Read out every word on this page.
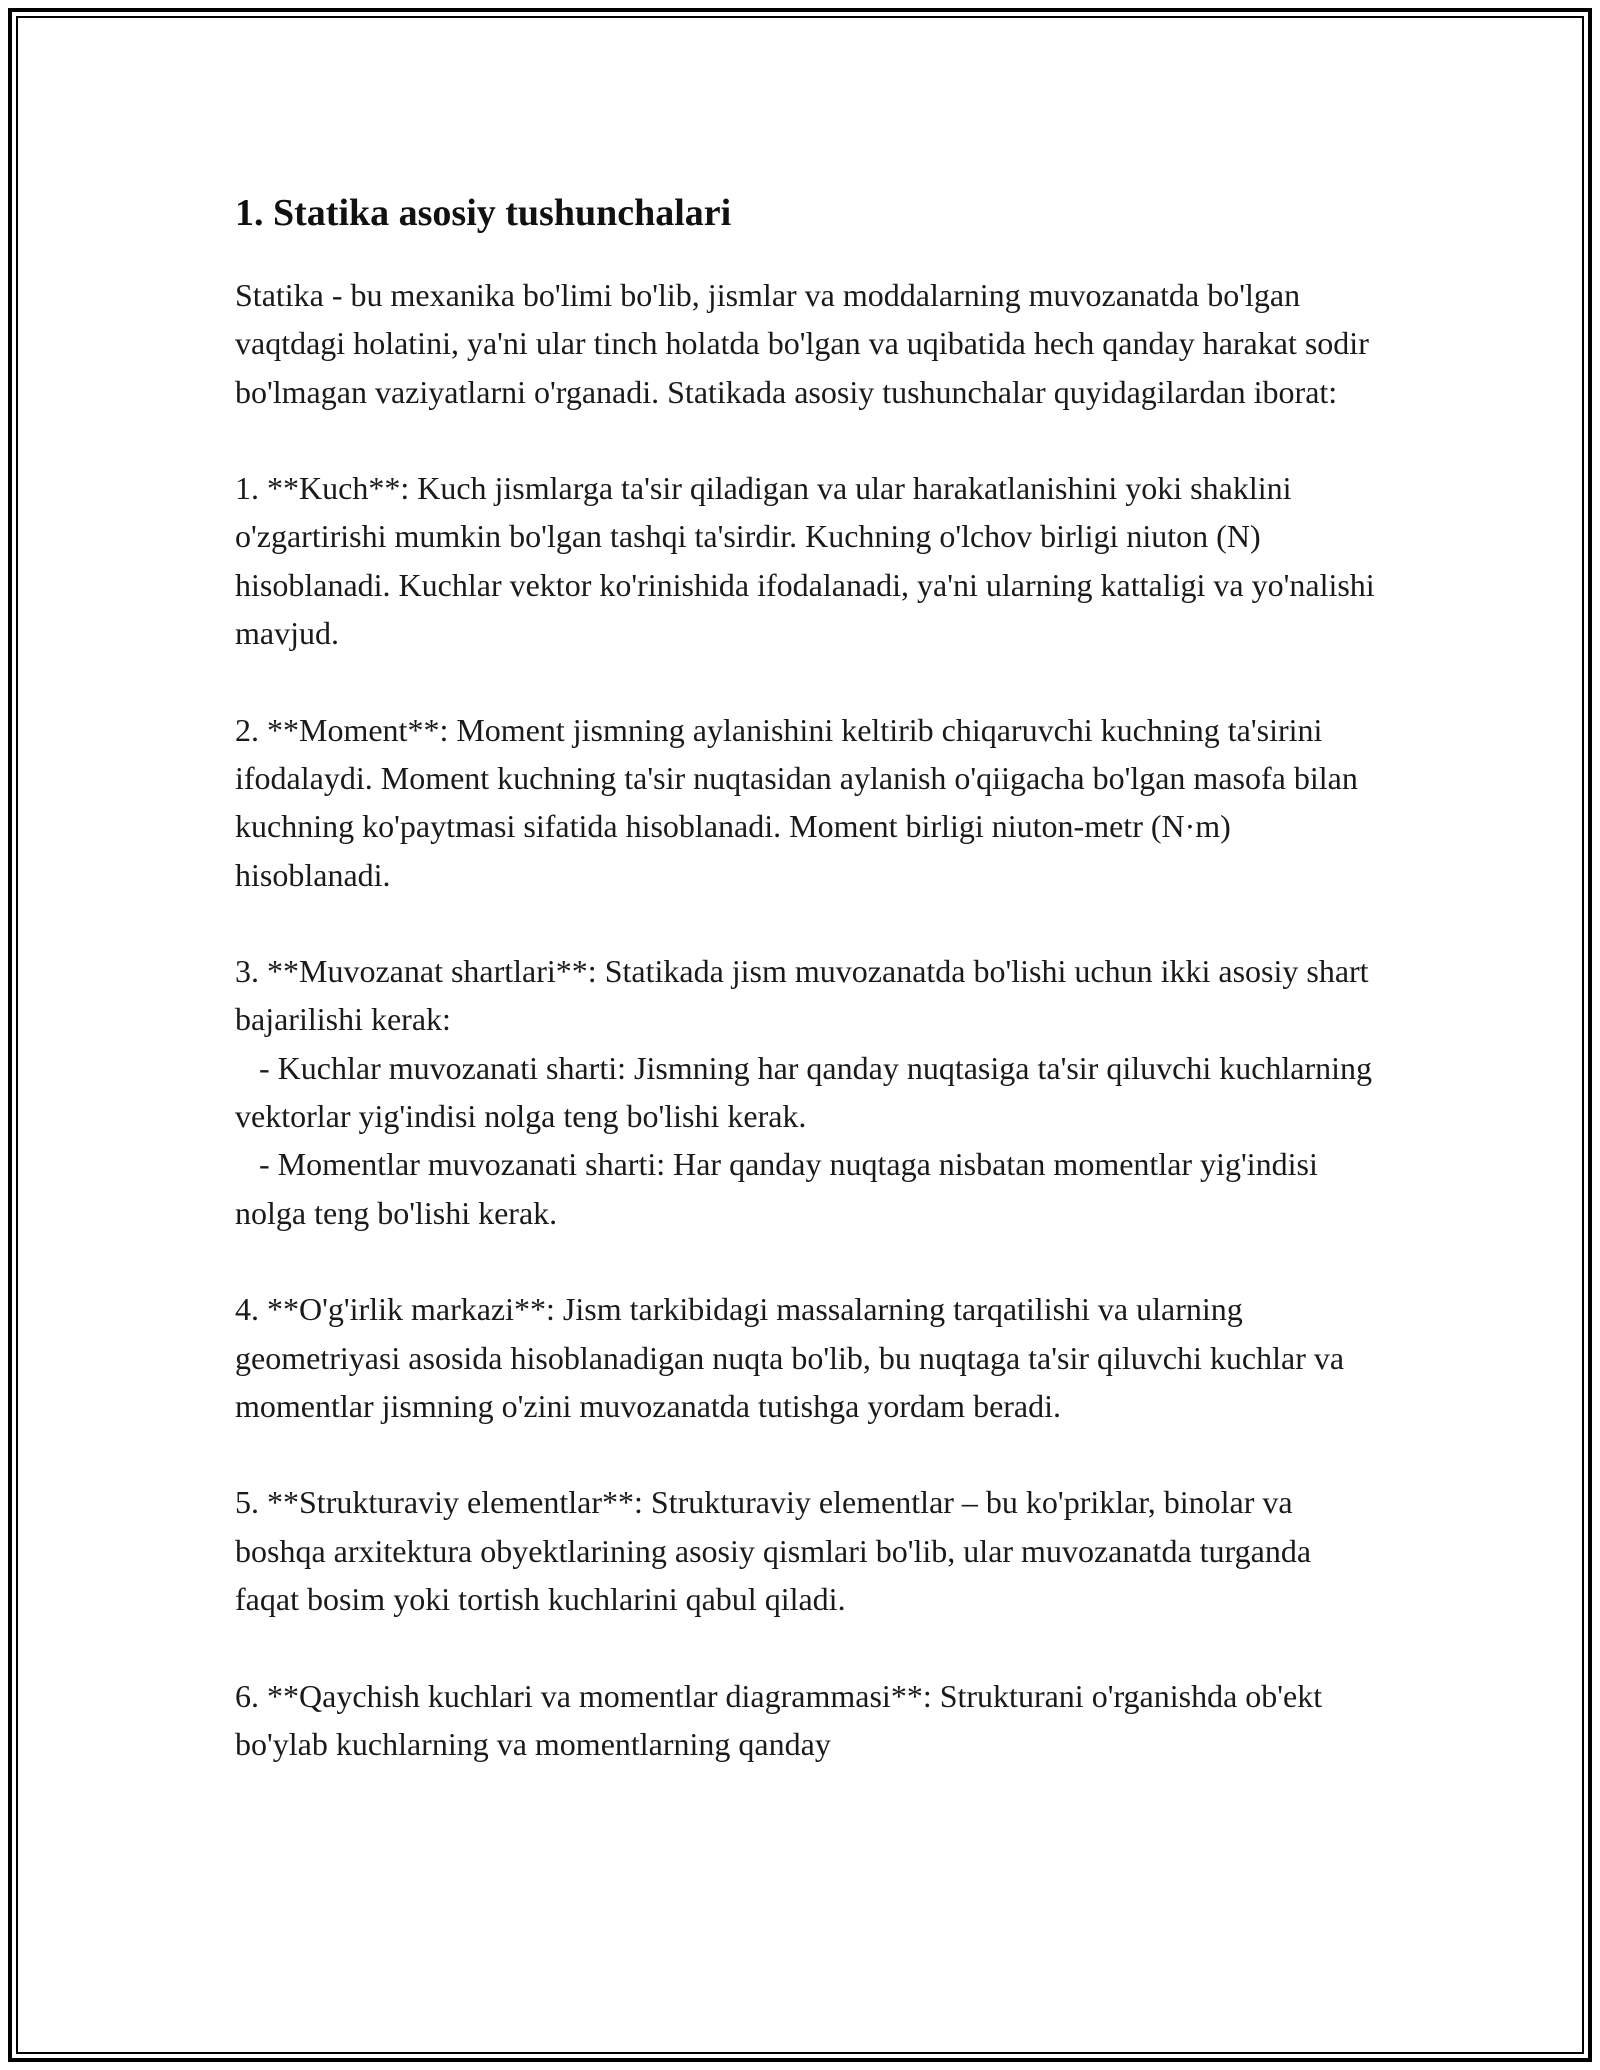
1. Statika asosiy tushunchalari

Statika - bu mexanika bo'limi bo'lib, jismlar va moddalarning muvozanatda bo'lgan vaqtdagi holatini, ya'ni ular tinch holatda bo'lgan va uqibatida hech qanday harakat sodir bo'lmagan vaziyatlarni o'rganadi. Statikada asosiy tushunchalar quyidagilardan iborat:

1. **Kuch**: Kuch jismlarga ta'sir qiladigan va ular harakatlanishini yoki shaklini o'zgartirishi mumkin bo'lgan tashqi ta'sirdir. Kuchning o'lchov birligi niuton (N) hisoblanadi. Kuchlar vektor ko'rinishida ifodalanadi, ya'ni ularning kattaligi va yo'nalishi mavjud.

2. **Moment**: Moment jismning aylanishini keltirib chiqaruvchi kuchning ta'sirini ifodalaydi. Moment kuchning ta'sir nuqtasidan aylanish o'qiigacha bo'lgan masofa bilan kuchning ko'paytmasi sifatida hisoblanadi. Moment birligi niuton-metr (N·m) hisoblanadi.

3. **Muvozanat shartlari**: Statikada jism muvozanatda bo'lishi uchun ikki asosiy shart bajarilishi kerak:
- Kuchlar muvozanati sharti: Jismning har qanday nuqtasiga ta'sir qiluvchi kuchlarning vektorlar yig'indisi nolga teng bo'lishi kerak.
- Momentlar muvozanati sharti: Har qanday nuqtaga nisbatan momentlar yig'indisi nolga teng bo'lishi kerak.

4. **O'g'irlik markazi**: Jism tarkibidagi massalarning tarqatilishi va ularning geometriyasi asosida hisoblanadigan nuqta bo'lib, bu nuqtaga ta'sir qiluvchi kuchlar va momentlar jismning o'zini muvozanatda tutishga yordam beradi.

5. **Strukturaviy elementlar**: Strukturaviy elementlar – bu ko'priklar, binolar va boshqa arxitektura obyektlarining asosiy qismlari bo'lib, ular muvozanatda turganda faqat bosim yoki tortish kuchlarini qabul qiladi.

6. **Qaychish kuchlari va momentlar diagrammasi**: Strukturani o'rganishda ob'ekt bo'ylab kuchlarning va momentlarning qanday
